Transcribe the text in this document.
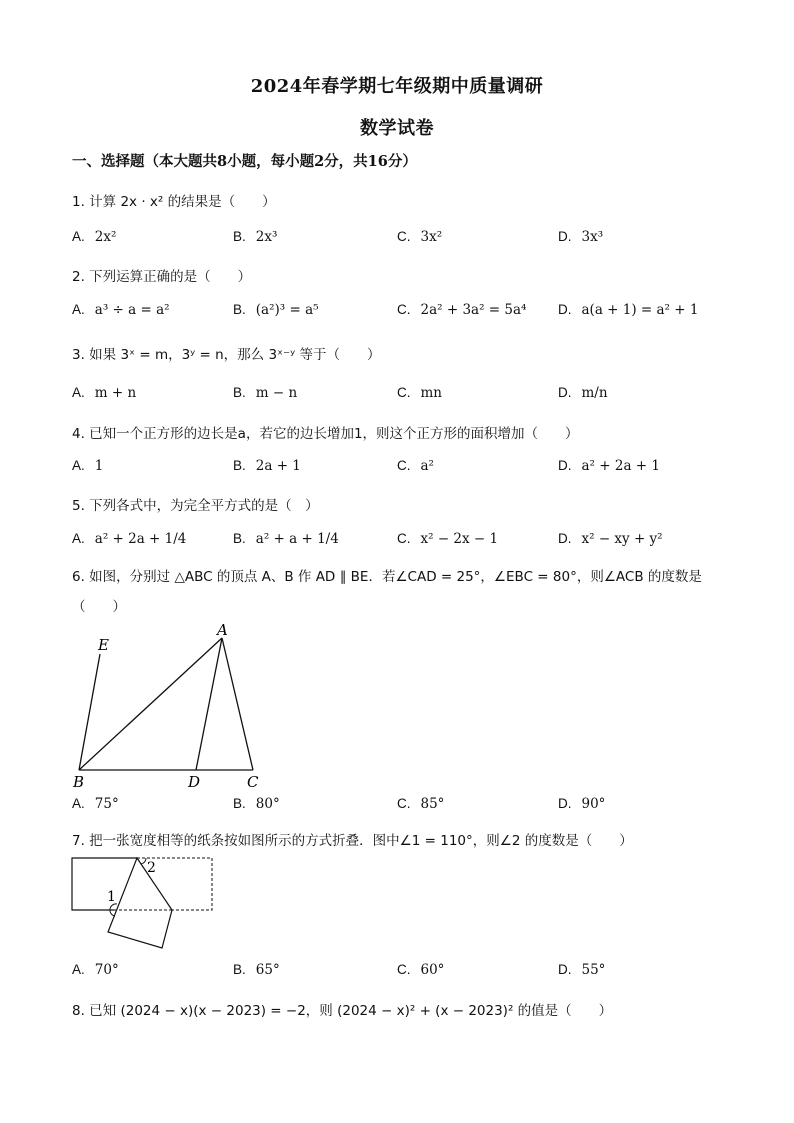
2024年春学期七年级期中质量调研
数学试卷
一、选择题（本大题共8小题，每小题2分，共16分）
1. 计算 2x · x² 的结果是（　　）
A. 2x²	B. 2x³	C. 3x²	D. 3x³
2. 下列运算正确的是（　　）
A. a³ ÷ a = a²	B. (a²)³ = a⁵	C. 2a² + 3a² = 5a⁴ D. a(a + 1) = a² + 1
3. 如果 3ˣ = m，3ʸ = n，那么 3ˣ⁻ʸ 等于（　　）
A. m + n	B. m − n	C. mn	D. m/n
4. 已知一个正方形的边长是a，若它的边长增加1，则这个正方形的面积增加（　　）
A. 1	B. 2a + 1	C. a²	D. a² + 2a + 1
5. 下列各式中，为完全平方式的是（　）
A. a² + 2a + 1/4	B. a² + a + 1/4	C. x² − 2x − 1	D. x² − xy + y²
6. 如图，分别过 △ABC 的顶点 A、B 作 AD ∥ BE．若∠CAD = 25°，∠EBC = 80°，则∠ACB 的度数是（　　）
E
A
B	D	C
A. 75°	B. 80°	C. 85°	D. 90°
7. 把一张宽度相等的纸条按如图所示的方式折叠．图中∠1 = 110°，则∠2 的度数是（　　）
1
2
A. 70°	B. 65°	C. 60°	D. 55°
8. 已知 (2024 − x)(x − 2023) = −2，则 (2024 − x)² + (x − 2023)² 的值是（　　）
